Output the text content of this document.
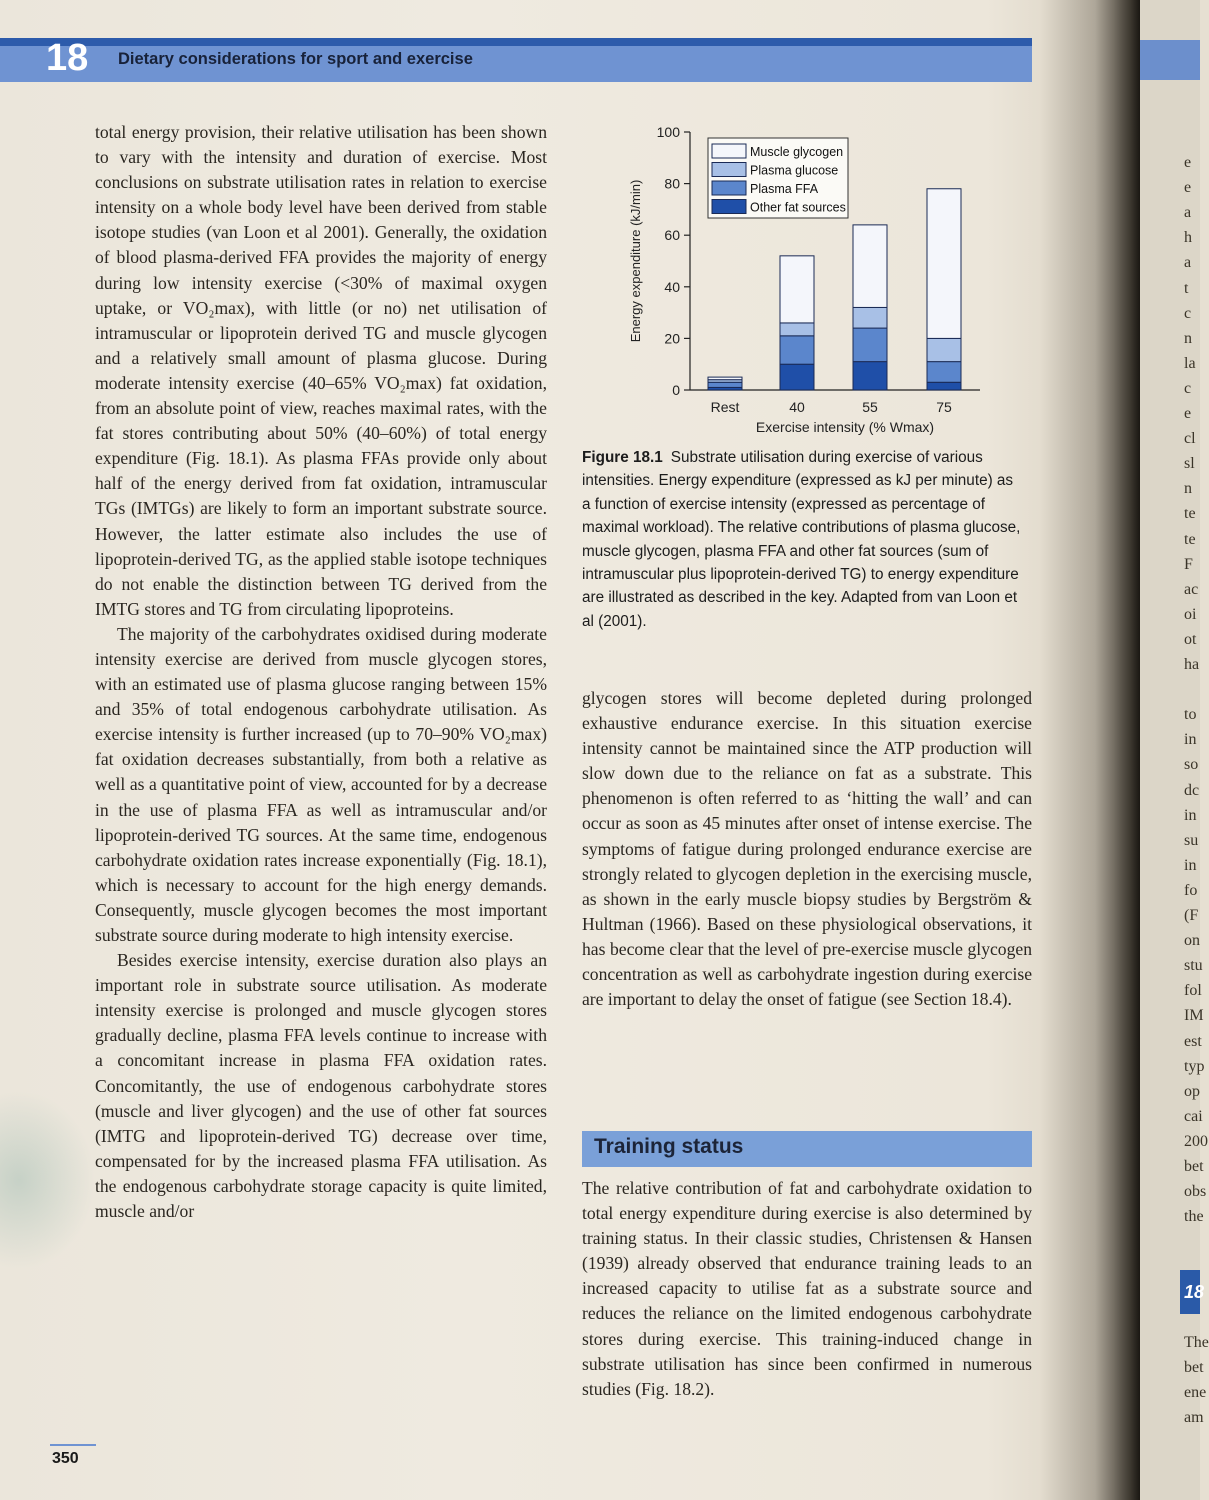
e
e
a
h
a
t
c
n
la
c
e
cl
sl
n
te
te
F
ac
oi
ot
ha
to
in
so
dc
in
su
in
fo
(F
on
stu
fol
IM
est
typ
op
cai
200
bet
obs
the
The
bet
ene
am
18
18	Dietary considerations for sport and exercise

total energy provision, their relative utilisation has been shown to vary with the intensity and duration of exercise. Most conclusions on substrate utilisation rates in relation to exercise intensity on a whole body level have been derived from stable isotope studies (van Loon et al 2001). Generally, the oxidation of blood plasma-derived FFA provides the majority of energy during low intensity exercise (<30% of maximal oxygen uptake, or VO₂max), with little (or no) net utilisation of intramuscular or lipoprotein derived TG and muscle glycogen and a relatively small amount of plasma glucose. During moderate intensity exercise (40–65% VO₂max) fat oxidation, from an absolute point of view, reaches maximal rates, with the fat stores contributing about 50% (40–60%) of total energy expenditure (Fig. 18.1). As plasma FFAs provide only about half of the energy derived from fat oxidation, intramuscular TGs (IMTGs) are likely to form an important substrate source. However, the latter estimate also includes the use of lipoprotein-derived TG, as the applied stable isotope techniques do not enable the distinction between TG derived from the IMTG stores and TG from circulating lipoproteins.

The majority of the carbohydrates oxidised during moderate intensity exercise are derived from muscle glycogen stores, with an estimated use of plasma glucose ranging between 15% and 35% of total endogenous carbohydrate utilisation. As exercise intensity is further increased (up to 70–90% VO₂max) fat oxidation decreases substantially, from both a relative as well as a quantitative point of view, accounted for by a decrease in the use of plasma FFA as well as intramuscular and/or lipoprotein-derived TG sources. At the same time, endogenous carbohydrate oxidation rates increase exponentially (Fig. 18.1), which is necessary to account for the high energy demands. Consequently, muscle glycogen becomes the most important substrate source during moderate to high intensity exercise.

Besides exercise intensity, exercise duration also plays an important role in substrate source utilisation. As moderate intensity exercise is prolonged and muscle glycogen stores gradually decline, plasma FFA levels continue to increase with a concomitant increase in plasma FFA oxidation rates. Concomitantly, the use of endogenous carbohydrate stores (muscle and liver glycogen) and the use of other fat sources (IMTG and lipoprotein-derived TG) decrease over time, compensated for by the increased plasma FFA utilisation. As the endogenous carbohydrate storage capacity is quite limited, muscle and/or

0
20
40
60
80
100
Energy expenditure (kJ/min)
Rest	40	55	75
Exercise intensity (% Wmax)
Muscle glycogen
Plasma glucose
Plasma FFA
Other fat sources
Figure 18.1 Substrate utilisation during exercise of various intensities. Energy expenditure (expressed as kJ per minute) as a function of exercise intensity (expressed as percentage of maximal workload). The relative contributions of plasma glucose, muscle glycogen, plasma FFA and other fat sources (sum of intramuscular plus lipoprotein-derived TG) to energy expenditure are illustrated as described in the key. Adapted from van Loon et al (2001).

glycogen stores will become depleted during prolonged exhaustive endurance exercise. In this situation exercise intensity cannot be maintained since the ATP production will slow down due to the reliance on fat as a substrate. This phenomenon is often referred to as ‘hitting the wall’ and can occur as soon as 45 minutes after onset of intense exercise. The symptoms of fatigue during prolonged endurance exercise are strongly related to glycogen depletion in the exercising muscle, as shown in the early muscle biopsy studies by Bergström & Hultman (1966). Based on these physiological observations, it has become clear that the level of pre-exercise muscle glycogen concentration as well as carbohydrate ingestion during exercise are important to delay the onset of fatigue (see Section 18.4).

Training status

The relative contribution of fat and carbohydrate oxidation to total energy expenditure during exercise is also determined by training status. In their classic studies, Christensen & Hansen (1939) already observed that endurance training leads to an increased capacity to utilise fat as a substrate source and reduces the reliance on the limited endogenous carbohydrate stores during exercise. This training-induced change in substrate utilisation has since been confirmed in numerous studies (Fig. 18.2).

350
